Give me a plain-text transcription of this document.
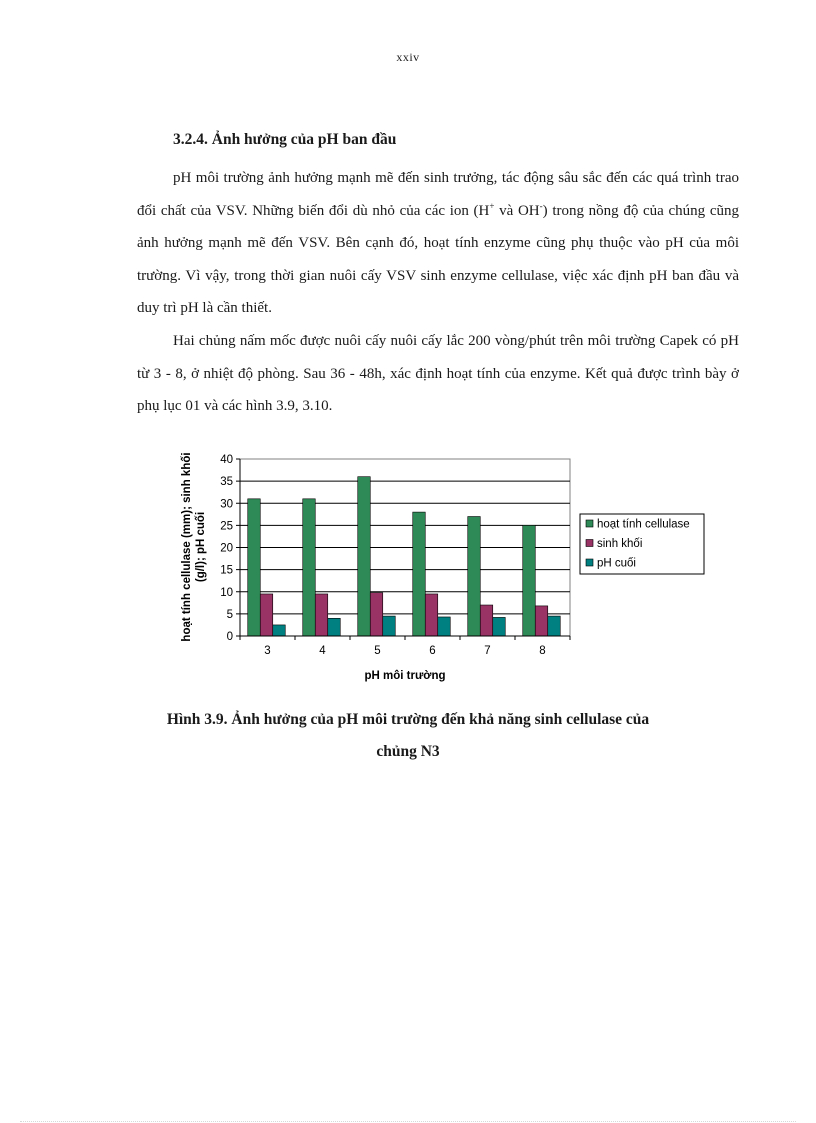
xxiv
3.2.4. Ảnh hưởng của pH ban đầu

pH môi trường ảnh hưởng mạnh mẽ đến sinh trưởng, tác động sâu sắc đến các quá trình trao đổi chất của VSV. Những biến đổi dù nhỏ của các ion (H+ và OH-) trong nồng độ của chúng cũng ảnh hưởng mạnh mẽ đến VSV. Bên cạnh đó, hoạt tính enzyme cũng phụ thuộc vào pH của môi trường. Vì vậy, trong thời gian nuôi cấy VSV sinh enzyme cellulase, việc xác định pH ban đầu và duy trì pH là cần thiết.

Hai chủng nấm mốc được nuôi cấy nuôi cấy lắc 200 vòng/phút trên môi trường Capek có pH từ 3 - 8, ở nhiệt độ phòng. Sau 36 - 48h, xác định hoạt tính của enzyme. Kết quả được trình bày ở phụ lục 01 và các hình 3.9, 3.10.

0
5
10
15
20
25
30
35
40
3	4	5	6	7	8
pH môi trường
hoạt tính cellulase (mm); sinh khối (g/l); pH cuối	hoạt tính cellulase
sinh khối
pH cuối
Hình 3.9. Ảnh hưởng của pH môi trường đến khả năng sinh cellulase của
chủng N3
